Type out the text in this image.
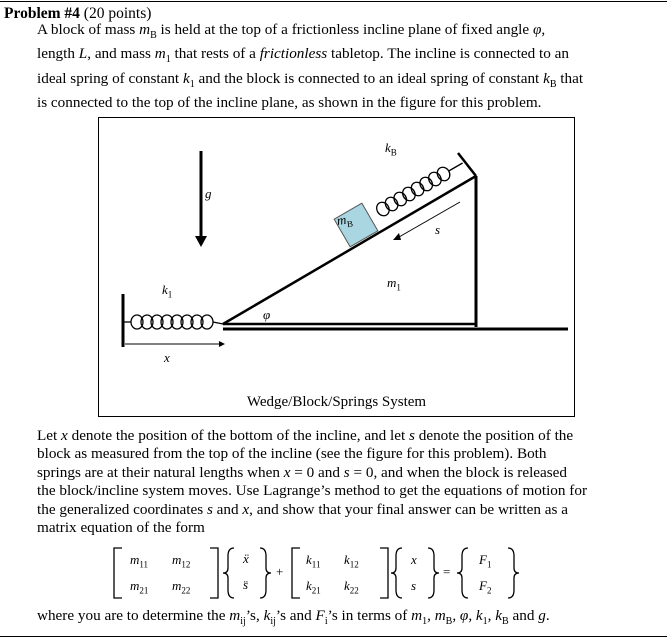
Problem #4 (20 points)
A block of mass $m_B$ is held at the top of a frictionless incline plane of fixed angle φ,
length L, and mass $m_1$ that rests of a frictionless tabletop. The incline is connected to an
ideal spring of constant $k_1$ and the block is connected to an ideal spring of constant $k_B$ that
is connected to the top of the incline plane, as shown in the figure for this problem.
$k_B$
g
$m_B$	s
$m_1$
$k_1$
φ
x
Wedge/Block/Springs System
Let x denote the position of the bottom of the incline, and let s denote the position of the
block as measured from the top of the incline (see the figure for this problem). Both
springs are at their natural lengths when x = 0 and s = 0, and when the block is released
the block/incline system moves. Use Lagrange’s method to get the equations of motion for
the generalized coordinates s and x, and show that your final answer can be written as a
matrix equation of the form
$m_{11}$ $m_{12}$
$m_{21}$ $m_{22}$
ẍ
s̈
+
$k_{11}$ $k_{12}$
$k_{21}$ $k_{22}$
x
s
=
$F_1$
$F_2$
where you are to determine the $m_{ij}’s$, $k_{ij}’s$ and $F_i’s$ in terms of $m_1$, $m_B$, φ, $k_1$, $k_B$ and g.
